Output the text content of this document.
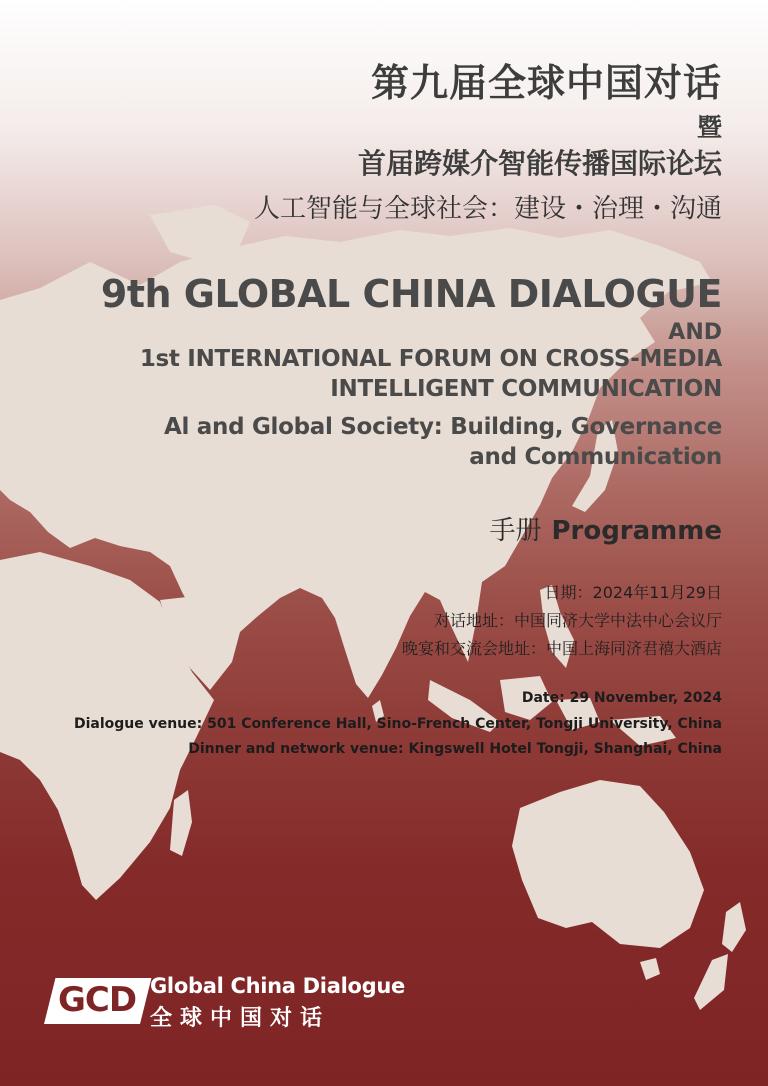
第九届全球中国对话
暨
首届跨媒介智能传播国际论坛
人工智能与全球社会：建设・治理・沟通
9th GLOBAL CHINA DIALOGUE
AND
1st INTERNATIONAL FORUM ON CROSS-MEDIA
INTELLIGENT COMMUNICATION
Al and Global Society: Building, Governance
and Communication
手册 Programme
日期：2024年11月29日
对话地址：中国同济大学中法中心会议厅
晚宴和交流会地址：中国上海同济君禧大酒店
Date: 29 November, 2024
Dialogue venue: 501 Conference Hall, Sino-French Center, Tongji University, China
Dinner and network venue: Kingswell Hotel Tongji, Shanghai, China
GCD Global China Dialogue
全球中国对话
